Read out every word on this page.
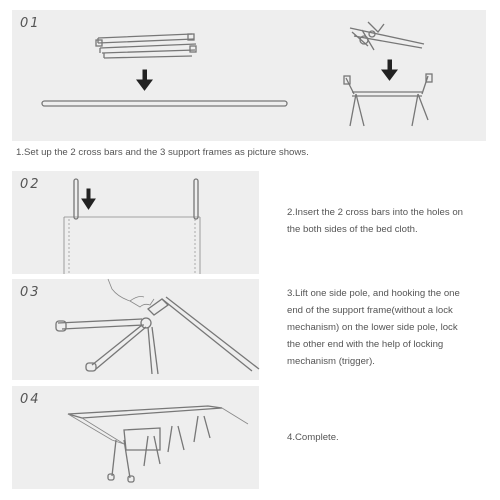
01
1.Set up the 2 cross bars and the 3 support frames as picture shows.
02
2.Insert the 2 cross bars into the holes on the both sides of the bed cloth.
03	3.Lift one side pole, and hooking the one end of the support frame(without a lock mechanism) on the lower side pole, lock the other end with the help of locking mechanism (trigger).
04
4.Complete.
